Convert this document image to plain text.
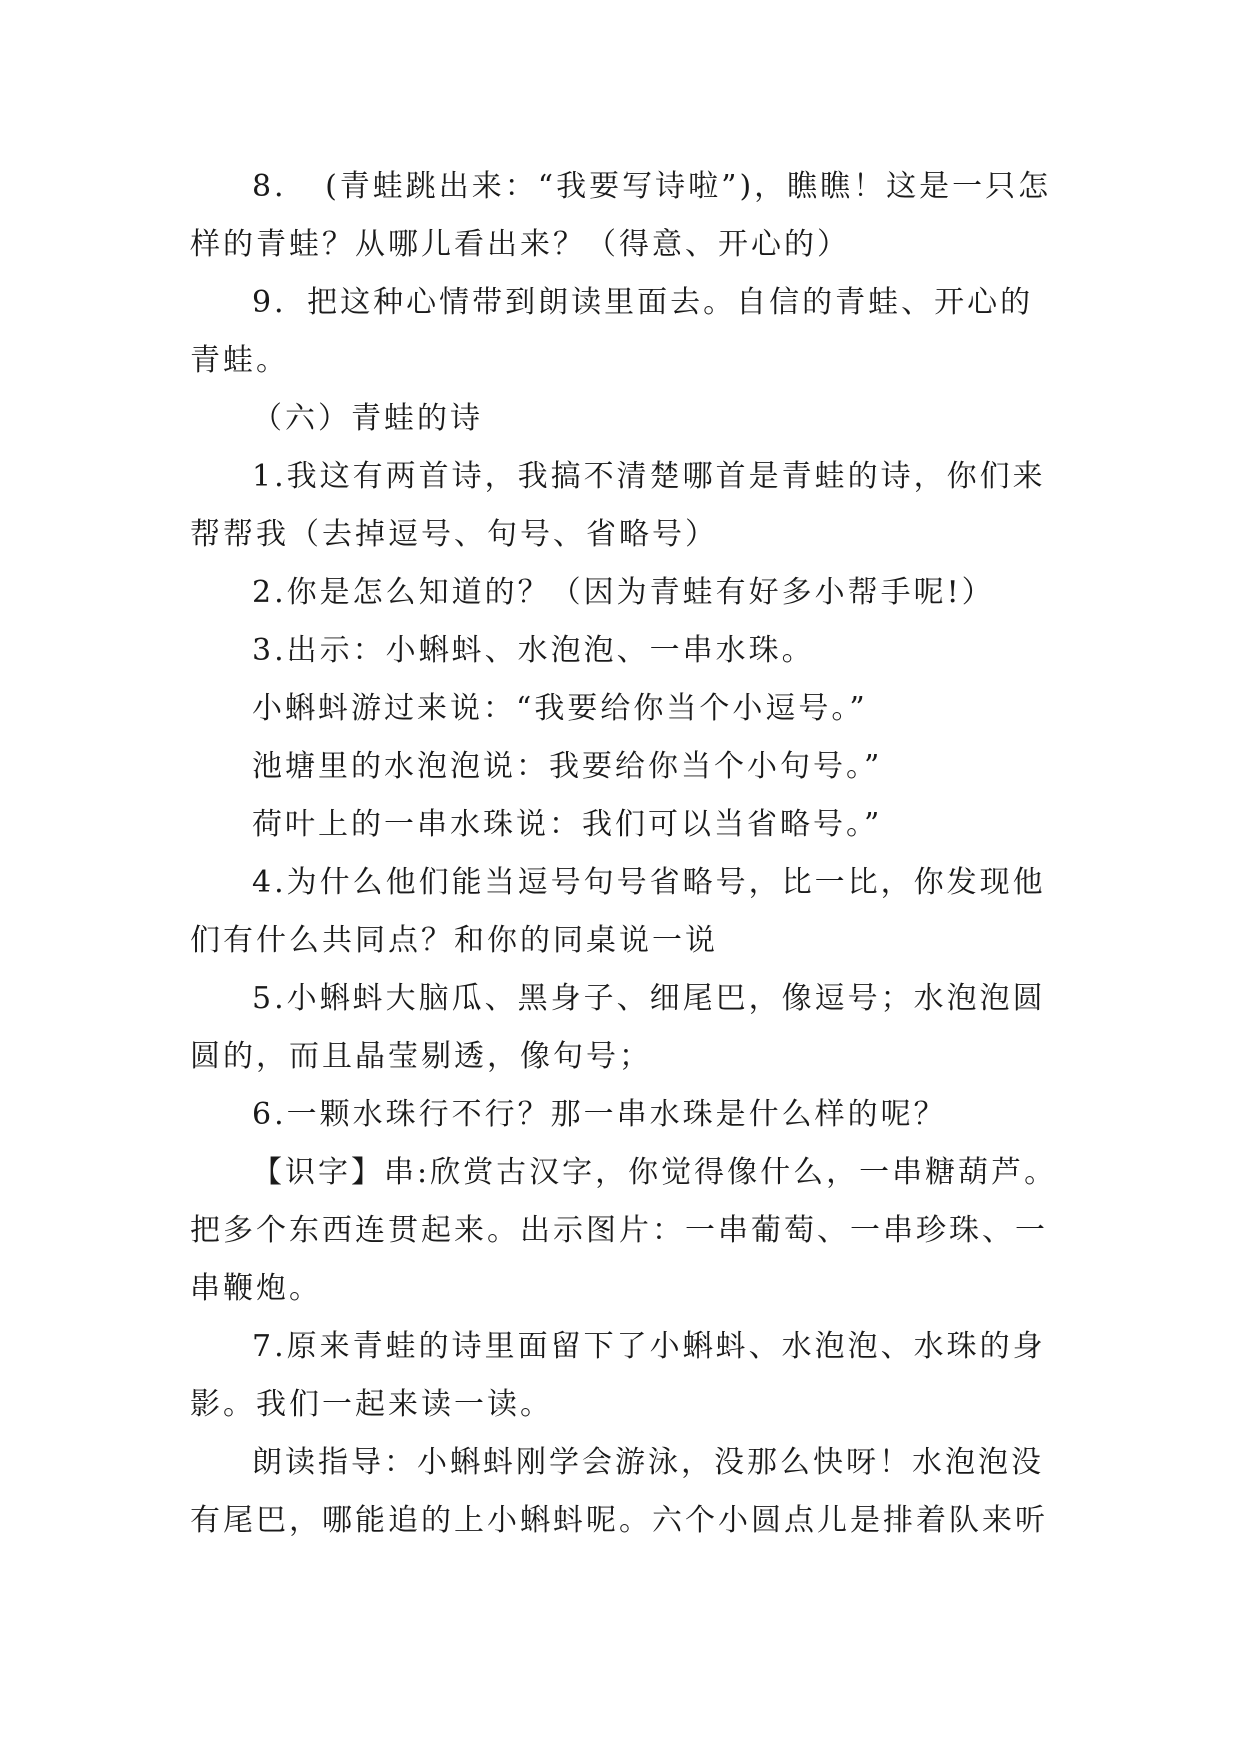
8．　(青蛙跳出来：“我要写诗啦”)，瞧瞧！这是一只怎样的青蛙？从哪儿看出来？（得意、开心的）

9．把这种心情带到朗读里面去。自信的青蛙、开心的青蛙。

（六）青蛙的诗

1.我这有两首诗，我搞不清楚哪首是青蛙的诗，你们来帮帮我（去掉逗号、句号、省略号）

2.你是怎么知道的？（因为青蛙有好多小帮手呢!）

3.出示：小蝌蚪、水泡泡、一串水珠。

小蝌蚪游过来说：“我要给你当个小逗号。”

池塘里的水泡泡说：我要给你当个小句号。”

荷叶上的一串水珠说：我们可以当省略号。”

4.为什么他们能当逗号句号省略号，比一比，你发现他们有什么共同点？和你的同桌说一说

5.小蝌蚪大脑瓜、黑身子、细尾巴，像逗号；水泡泡圆圆的，而且晶莹剔透，像句号；

6.一颗水珠行不行？那一串水珠是什么样的呢？

【识字】串:欣赏古汉字，你觉得像什么，一串糖葫芦。把多个东西连贯起来。出示图片：一串葡萄、一串珍珠、一串鞭炮。

7.原来青蛙的诗里面留下了小蝌蚪、水泡泡、水珠的身影。我们一起来读一读。

朗读指导：小蝌蚪刚学会游泳，没那么快呀！水泡泡没有尾巴，哪能追的上小蝌蚪呢。六个小圆点儿是排着队来听
